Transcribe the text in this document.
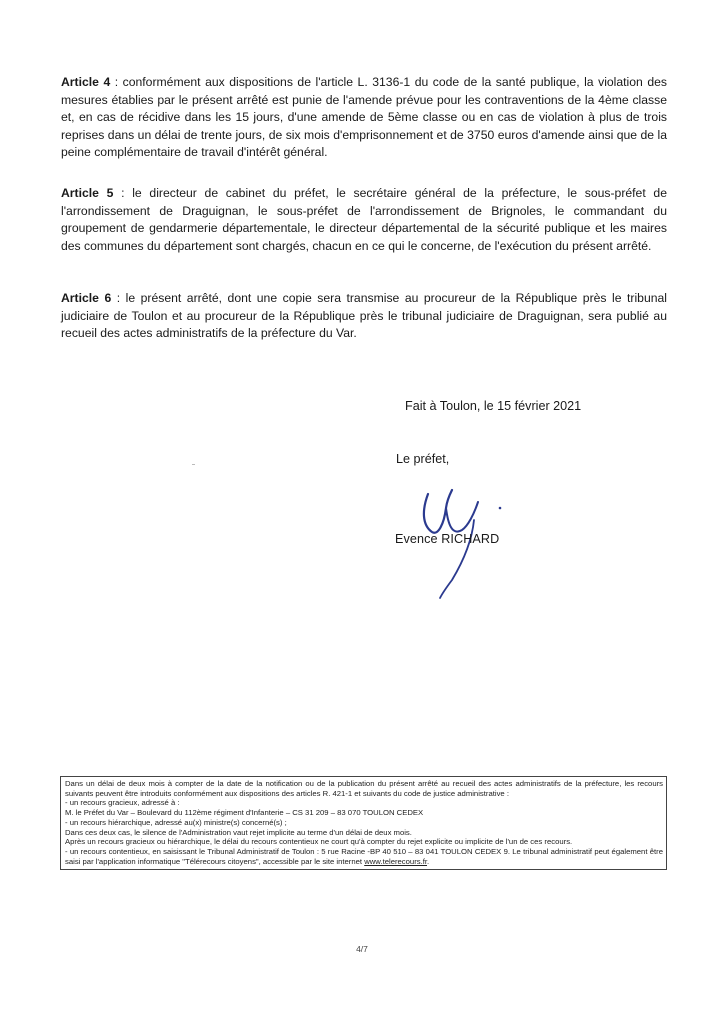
Article 4 : conformément aux dispositions de l'article L. 3136-1 du code de la santé publique, la violation des mesures établies par le présent arrêté est punie de l'amende prévue pour les contraventions de la 4ème classe et, en cas de récidive dans les 15 jours, d'une amende de 5ème classe ou en cas de violation à plus de trois reprises dans un délai de trente jours, de six mois d'emprisonnement et de 3750 euros d'amende ainsi que de la peine complémentaire de travail d'intérêt général.

Article 5 : le directeur de cabinet du préfet, le secrétaire général de la préfecture, le sous-préfet de l'arrondissement de Draguignan, le sous-préfet de l'arrondissement de Brignoles, le commandant du groupement de gendarmerie départementale, le directeur départemental de la sécurité publique et les maires des communes du département sont chargés, chacun en ce qui le concerne, de l'exécution du présent arrêté.

Article 6 : le présent arrêté, dont une copie sera transmise au procureur de la République près le tribunal judiciaire de Toulon et au procureur de la République près le tribunal judiciaire de Draguignan, sera publié au recueil des actes administratifs de la préfecture du Var.

Fait à Toulon, le 15 février 2021
Le préfet,
Evence RICHARD
Dans un délai de deux mois à compter de la date de la notification ou de la publication du présent arrêté au recueil des actes administratifs de la préfecture, les recours suivants peuvent être introduits conformément aux dispositions des articles R. 421-1 et suivants du code de justice administrative :
- un recours gracieux, adressé à :
M. le Préfet du Var – Boulevard du 112ème régiment d'Infanterie – CS 31 209 – 83 070 TOULON CEDEX
- un recours hiérarchique, adressé au(x) ministre(s) concerné(s) ;
Dans ces deux cas, le silence de l'Administration vaut rejet implicite au terme d'un délai de deux mois.
Après un recours gracieux ou hiérarchique, le délai du recours contentieux ne court qu'à compter du rejet explicite ou implicite de l'un de ces recours.
- un recours contentieux, en saisissant le Tribunal Administratif de Toulon : 5 rue Racine -BP 40 510 – 83 041 TOULON CEDEX 9. Le tribunal administratif peut également être saisi par l'application informatique "Télérecours citoyens", accessible par le site internet www.telerecours.fr.
4/7
